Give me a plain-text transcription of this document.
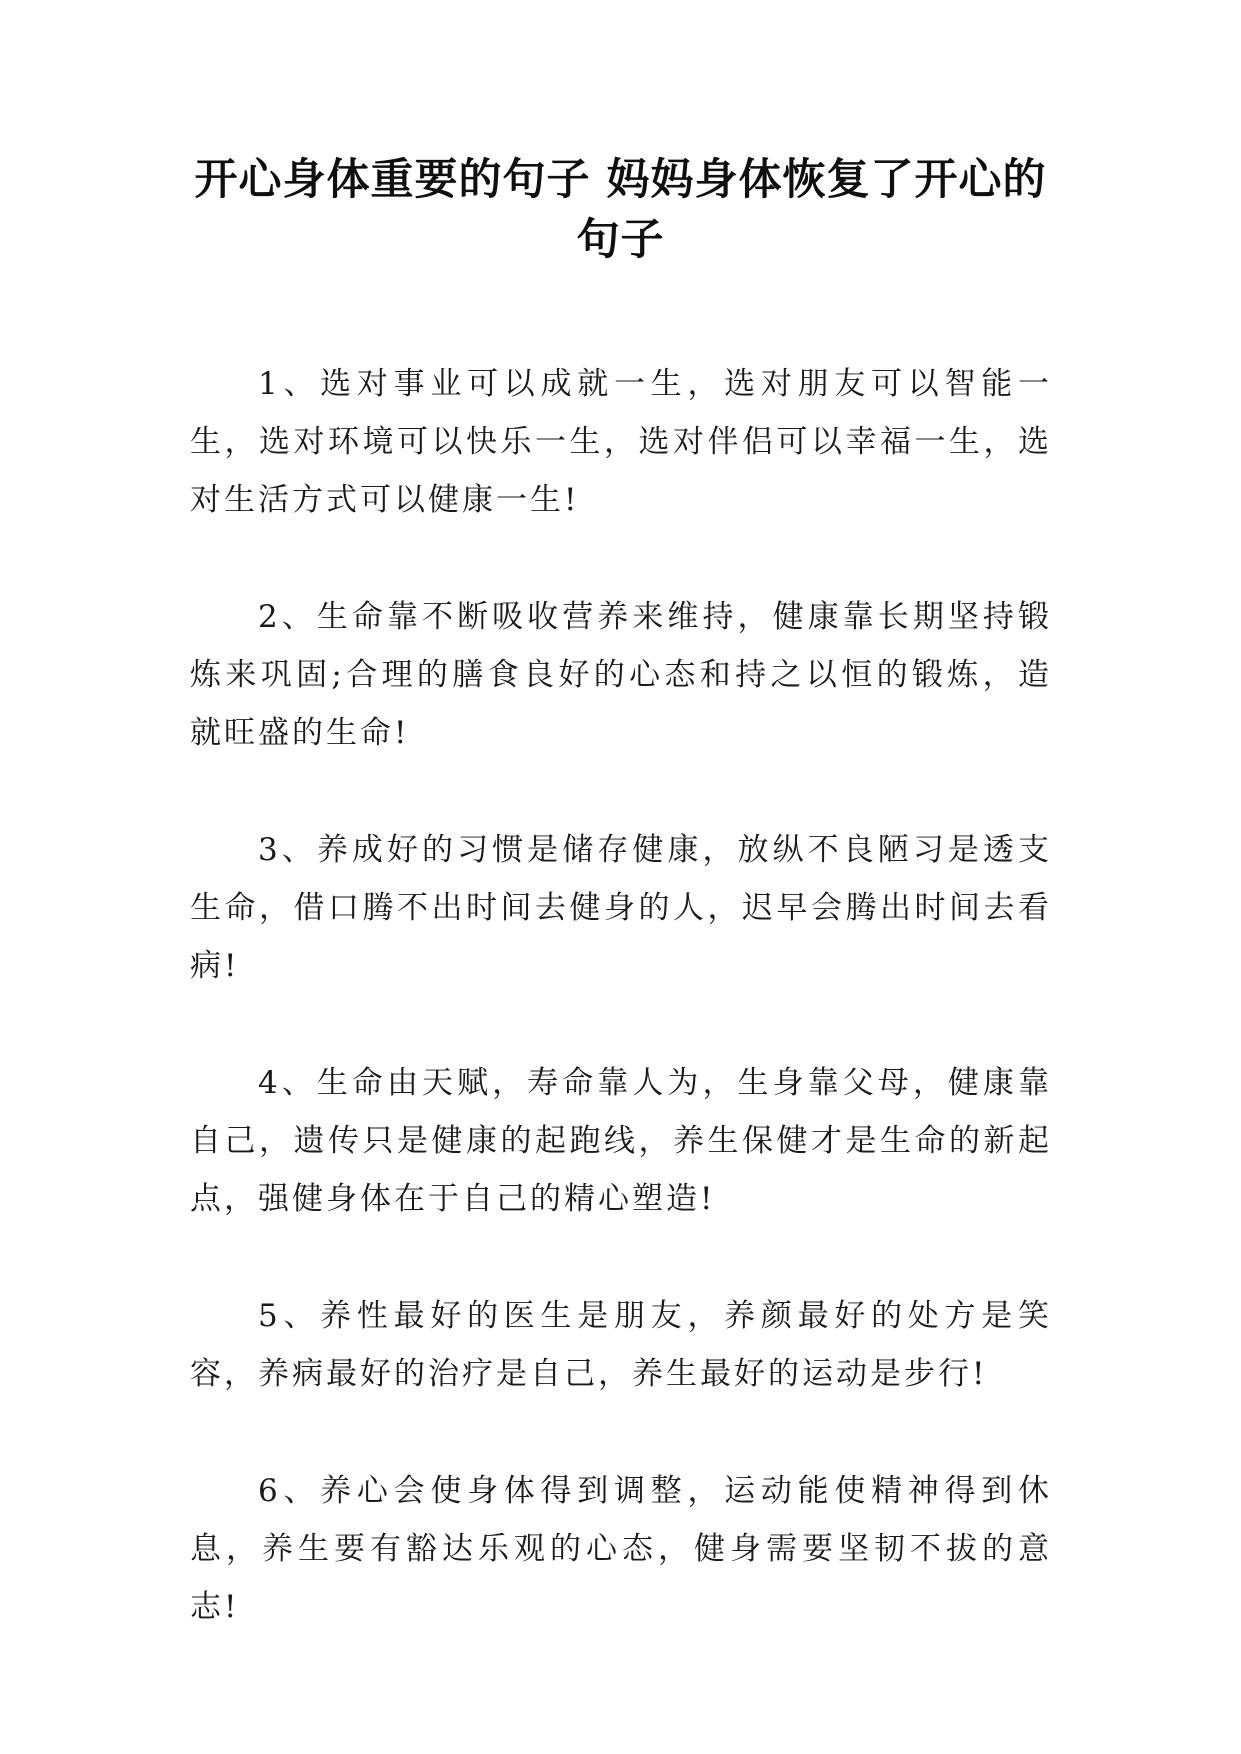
开心身体重要的句子 妈妈身体恢复了开心的句子

1、选对事业可以成就一生，选对朋友可以智能一生，选对环境可以快乐一生，选对伴侣可以幸福一生，选对生活方式可以健康一生!

2、生命靠不断吸收营养来维持，健康靠长期坚持锻炼来巩固;合理的膳食良好的心态和持之以恒的锻炼，造就旺盛的生命!

3、养成好的习惯是储存健康，放纵不良陋习是透支生命，借口腾不出时间去健身的人，迟早会腾出时间去看病!

4、生命由天赋，寿命靠人为，生身靠父母，健康靠自己，遗传只是健康的起跑线，养生保健才是生命的新起点，强健身体在于自己的精心塑造!

5、养性最好的医生是朋友，养颜最好的处方是笑容，养病最好的治疗是自己，养生最好的运动是步行!

6、养心会使身体得到调整，运动能使精神得到休息，养生要有豁达乐观的心态，健身需要坚韧不拔的意志!
